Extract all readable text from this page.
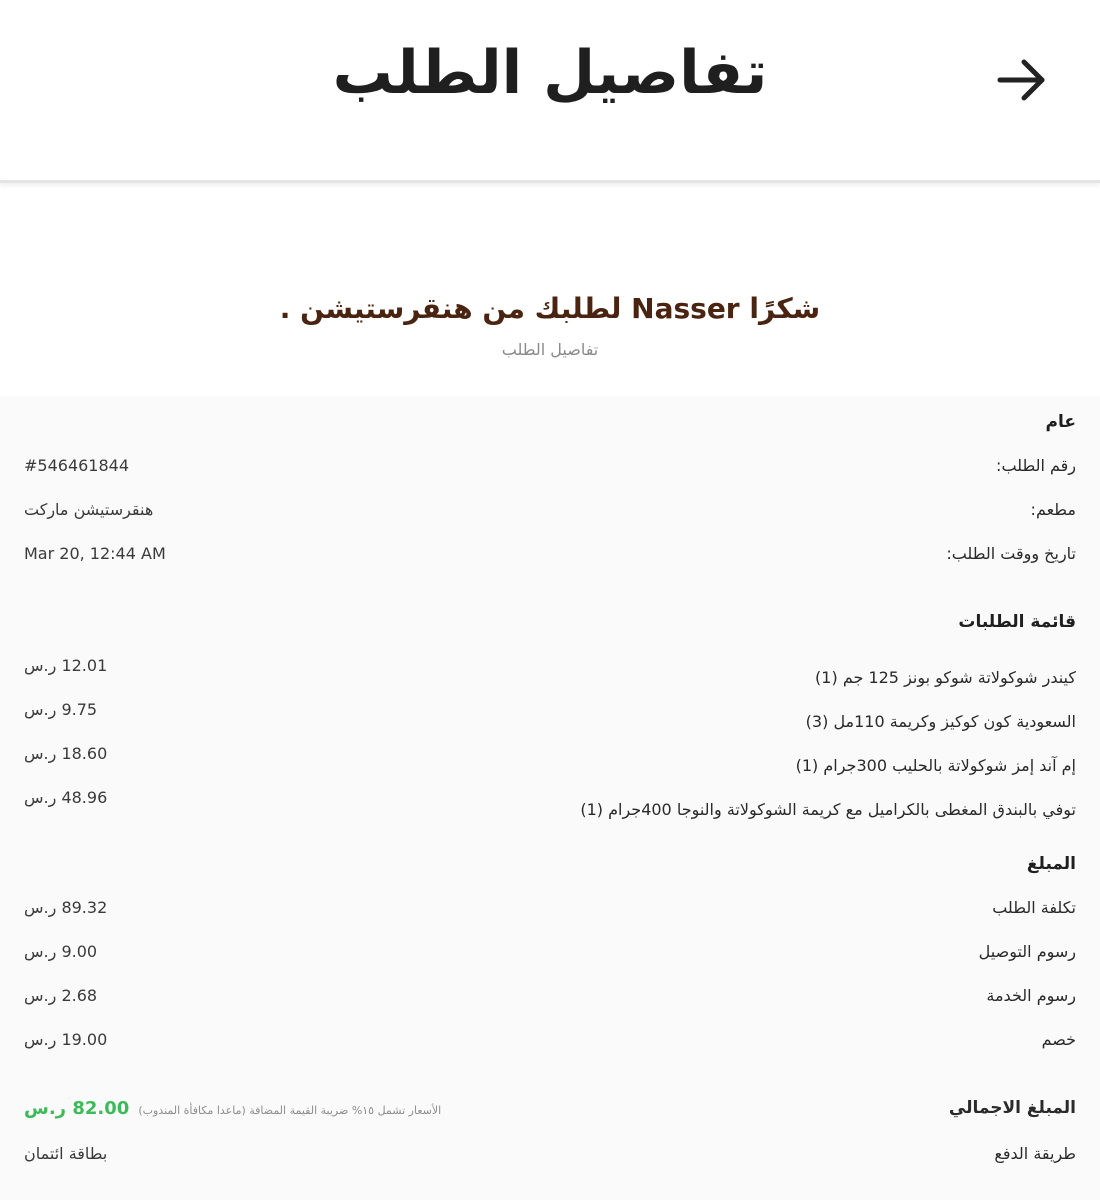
تفاصيل الطلب
شكرًا Nasser لطلبك من هنقرستيشن .
تفاصيل الطلب
عام
رقم الطلب:
#546461844
مطعم:
هنقرستيشن ماركت
تاريخ ووقت الطلب:
Mar 20, 12:44 AM
قائمة الطلبات
كيندر شوكولاتة شوكو بونز 125 جم (1)
12.01 ر.س
السعودية كون كوكيز وكريمة 110مل (3)
9.75 ر.س
إم آند إمز شوكولاتة بالحليب 300جرام (1)
18.60 ر.س
توفي بالبندق المغطى بالكراميل مع كريمة الشوكولاتة والنوجا 400جرام (1)
48.96 ر.س
المبلغ
تكلفة الطلب
89.32 ر.س
رسوم التوصيل
9.00 ر.س
رسوم الخدمة
2.68 ر.س
خصم
19.00 ر.س
المبلغ الاجمالي
82.00 ر.س الأسعار تشمل ١٥% ضريبة القيمة المضافة (ماعدا مكافأة المندوب)
طريقة الدفع
بطاقة ائتمان
